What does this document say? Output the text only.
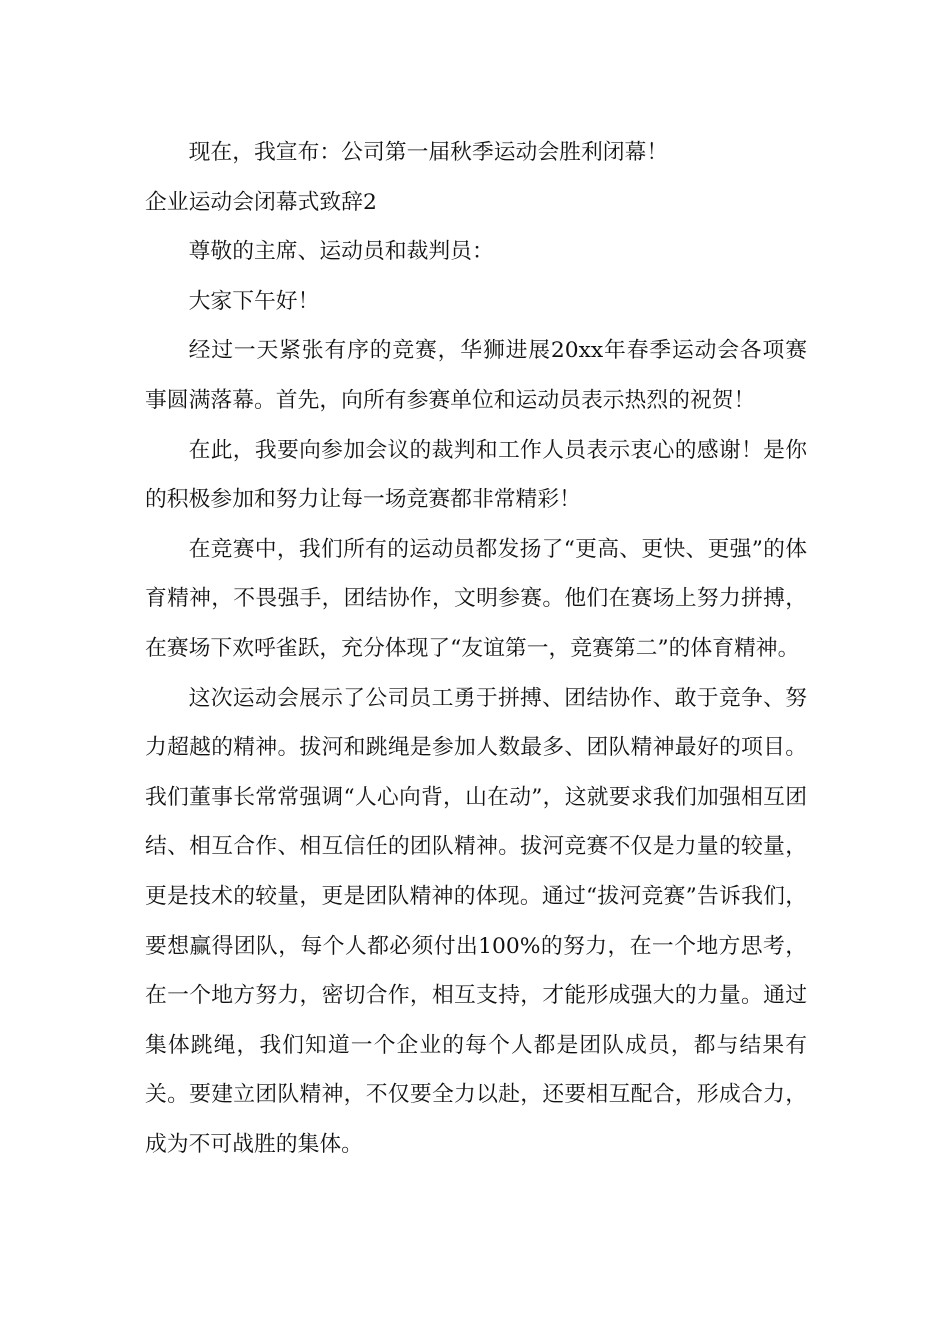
现在，我宣布：公司第一届秋季运动会胜利闭幕！

企业运动会闭幕式致辞2

尊敬的主席、运动员和裁判员：

大家下午好！

经过一天紧张有序的竞赛，华狮进展20xx年春季运动会各项赛事圆满落幕。首先，向所有参赛单位和运动员表示热烈的祝贺！

在此，我要向参加会议的裁判和工作人员表示衷心的感谢！是你的积极参加和努力让每一场竞赛都非常精彩！

在竞赛中，我们所有的运动员都发扬了“更高、更快、更强”的体育精神，不畏强手，团结协作，文明参赛。他们在赛场上努力拼搏，在赛场下欢呼雀跃，充分体现了“友谊第一，竞赛第二”的体育精神。

这次运动会展示了公司员工勇于拼搏、团结协作、敢于竞争、努力超越的精神。拔河和跳绳是参加人数最多、团队精神最好的项目。我们董事长常常强调“人心向背，山在动”，这就要求我们加强相互团结、相互合作、相互信任的团队精神。拔河竞赛不仅是力量的较量，更是技术的较量，更是团队精神的体现。通过“拔河竞赛”告诉我们，要想赢得团队，每个人都必须付出100%的努力，在一个地方思考，在一个地方努力，密切合作，相互支持，才能形成强大的力量。通过集体跳绳，我们知道一个企业的每个人都是团队成员，都与结果有关。要建立团队精神，不仅要全力以赴，还要相互配合，形成合力，成为不可战胜的集体。
